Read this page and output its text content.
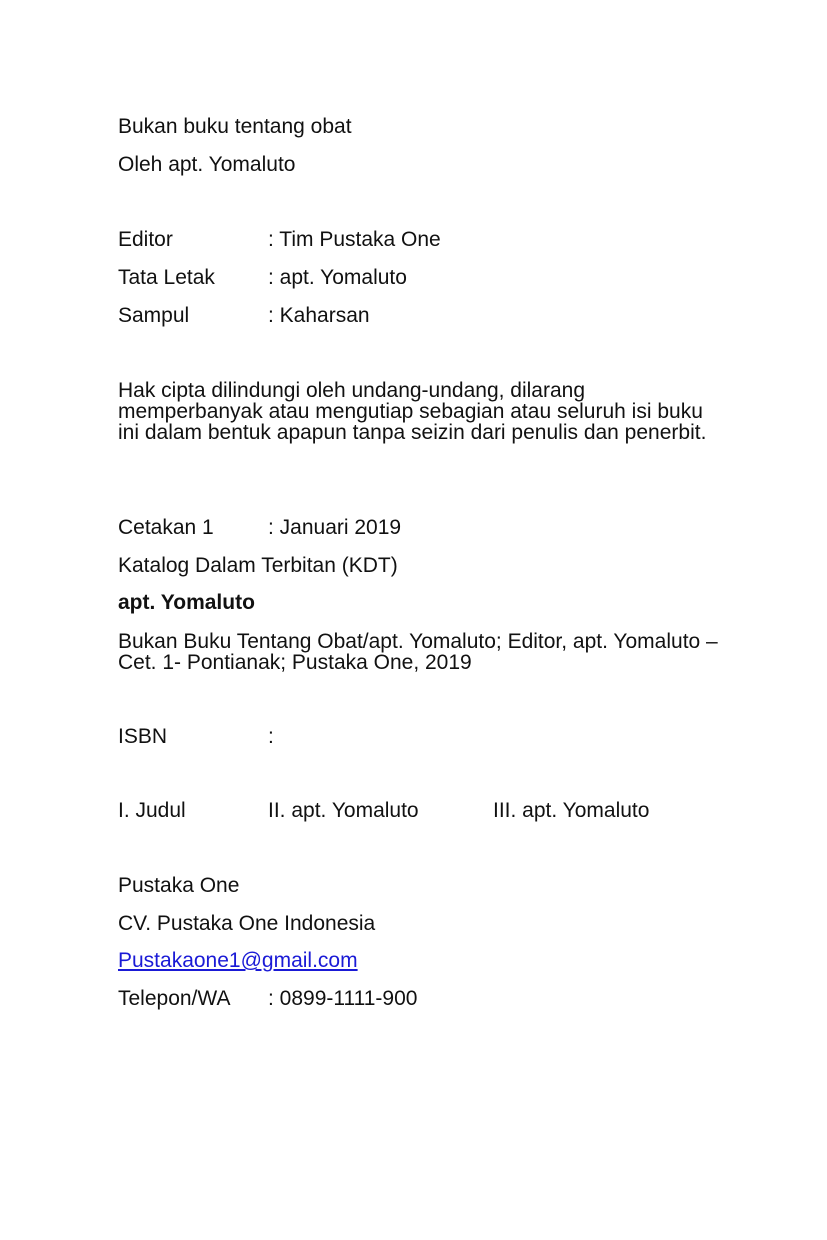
Bukan buku tentang obat
Oleh apt. Yomaluto
Editor	: Tim Pustaka One
Tata Letak	: apt. Yomaluto
Sampul	: Kaharsan
Hak cipta dilindungi oleh undang-undang, dilarang memperbanyak atau mengutiap sebagian atau seluruh isi buku ini dalam bentuk apapun tanpa seizin dari penulis dan penerbit.
Cetakan 1	: Januari 2019
Katalog Dalam Terbitan (KDT)
apt. Yomaluto
Bukan Buku Tentang Obat/apt. Yomaluto; Editor, apt. Yomaluto – Cet. 1- Pontianak; Pustaka One, 2019
ISBN	:
I. Judul	II. apt. Yomaluto	III. apt. Yomaluto
Pustaka One
CV. Pustaka One Indonesia
Pustakaone1@gmail.com
Telepon/WA : 0899-1111-900
